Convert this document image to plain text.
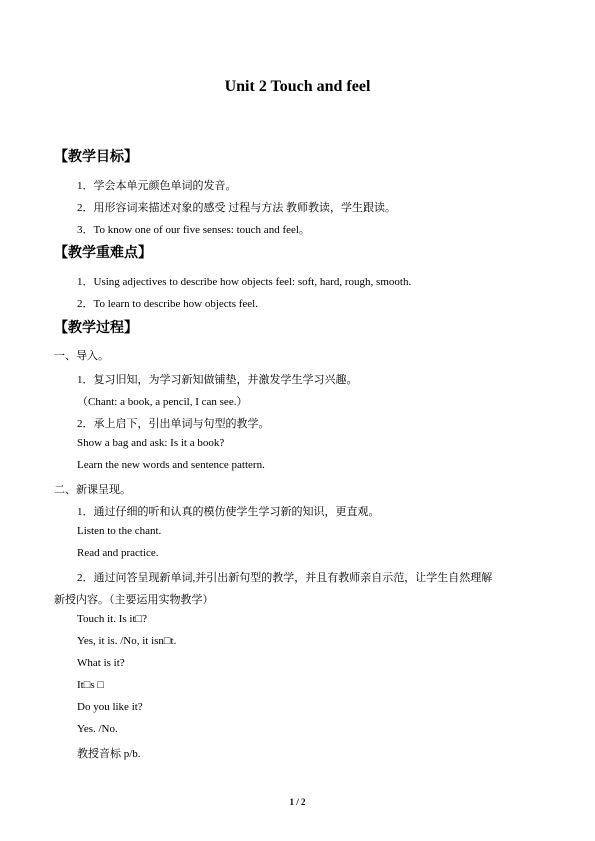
Unit 2 Touch and feel
【教学目标】
1．学会本单元颜色单词的发音。
2．用形容词来描述对象的感受 过程与方法 教师教读，学生跟读。
3．To know one of our five senses: touch and feel。
【教学重难点】
1．Using adjectives to describe how objects feel: soft, hard, rough, smooth.
2．To learn to describe how objects feel.
【教学过程】
一、导入。
1．复习旧知，为学习新知做铺垫，并激发学生学习兴趣。
（Chant: a book, a pencil, I can see.）
2．承上启下，引出单词与句型的教学。
Show a bag and ask: Is it a book?
Learn the new words and sentence pattern.
二、新课呈现。
1．通过仔细的听和认真的模仿使学生学习新的知识，更直观。
Listen to the chant.
Read and practice.
2．通过问答呈现新单词,并引出新句型的教学，并且有教师亲自示范，让学生自然理解
新授内容。（主要运用实物教学）
Touch it. Is it□?
Yes, it is. /No, it isn□t.
What is it?
It□s □
Do you like it?
Yes. /No.
教授音标 p/b.
1 / 2
